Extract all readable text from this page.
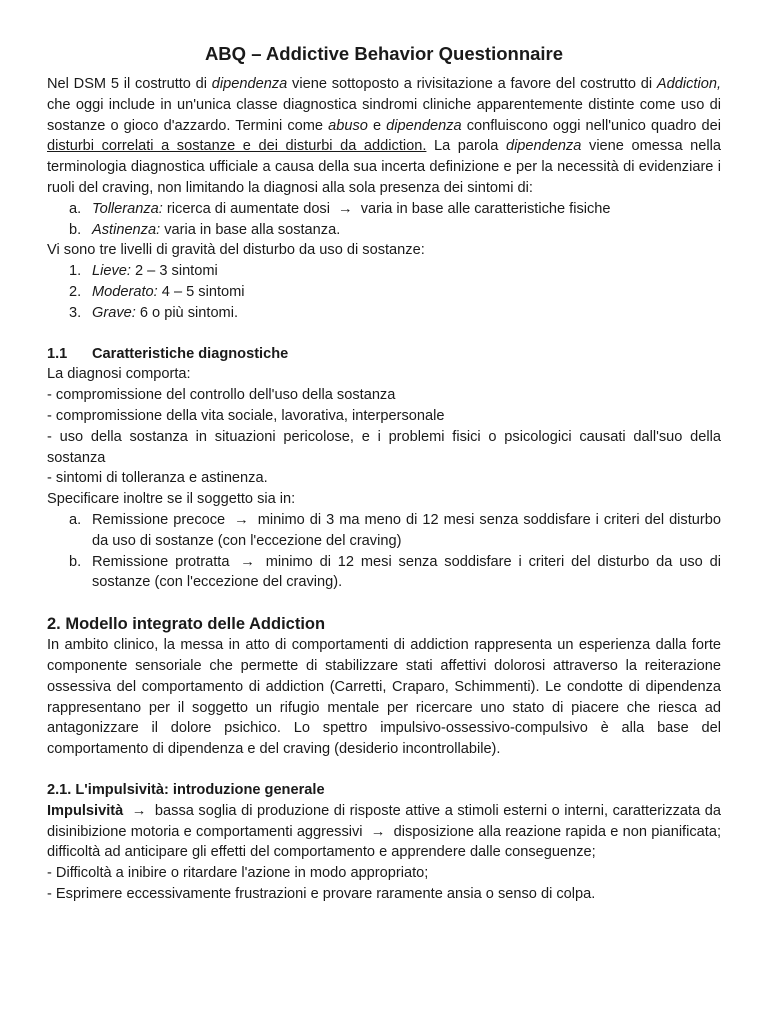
ABQ – Addictive Behavior Questionnaire

Nel DSM 5 il costrutto di dipendenza viene sottoposto a rivisitazione a favore del costrutto di Addiction, che oggi include in un'unica classe diagnostica sindromi cliniche apparentemente distinte come uso di sostanze o gioco d'azzardo. Termini come abuso e dipendenza confluiscono oggi nell'unico quadro dei disturbi correlati a sostanze e dei disturbi da addiction. La parola dipendenza viene omessa nella terminologia diagnostica ufficiale a causa della sua incerta definizione e per la necessità di evidenziare i ruoli del craving, non limitando la diagnosi alla sola presenza dei sintomi di:

a. Tolleranza: ricerca di aumentate dosi → varia in base alle caratteristiche fisiche
b. Astinenza: varia in base alla sostanza.

Vi sono tre livelli di gravità del disturbo da uso di sostanze:

1. Lieve: 2 – 3 sintomi
2. Moderato: 4 – 5 sintomi
3. Grave: 6 o più sintomi.
1.1 Caratteristiche diagnostiche

La diagnosi comporta:

- compromissione del controllo dell'uso della sostanza

- compromissione della vita sociale, lavorativa, interpersonale

- uso della sostanza in situazioni pericolose, e i problemi fisici o psicologici causati dall'suo della sostanza

- sintomi di tolleranza e astinenza.

Specificare inoltre se il soggetto sia in:

a. Remissione precoce → minimo di 3 ma meno di 12 mesi senza soddisfare i criteri del disturbo da uso di sostanze (con l'eccezione del craving)
b. Remissione protratta → minimo di 12 mesi senza soddisfare i criteri del disturbo da uso di sostanze (con l'eccezione del craving).
2. Modello integrato delle Addiction

In ambito clinico, la messa in atto di comportamenti di addiction rappresenta un esperienza dalla forte componente sensoriale che permette di stabilizzare stati affettivi dolorosi attraverso la reiterazione ossessiva del comportamento di addiction (Carretti, Craparo, Schimmenti). Le condotte di dipendenza rappresentano per il soggetto un rifugio mentale per ricercare uno stato di piacere che riesca ad antagonizzare il dolore psichico. Lo spettro impulsivo-ossessivo-compulsivo è alla base del comportamento di dipendenza e del craving (desiderio incontrollabile).

2.1. L'impulsività: introduzione generale

Impulsività → bassa soglia di produzione di risposte attive a stimoli esterni o interni, caratterizzata da disinibizione motoria e comportamenti aggressivi → disposizione alla reazione rapida e non pianificata; difficoltà ad anticipare gli effetti del comportamento e apprendere dalle conseguenze;

- Difficoltà a inibire o ritardare l'azione in modo appropriato;

- Esprimere eccessivamente frustrazioni e provare raramente ansia o senso di colpa.
